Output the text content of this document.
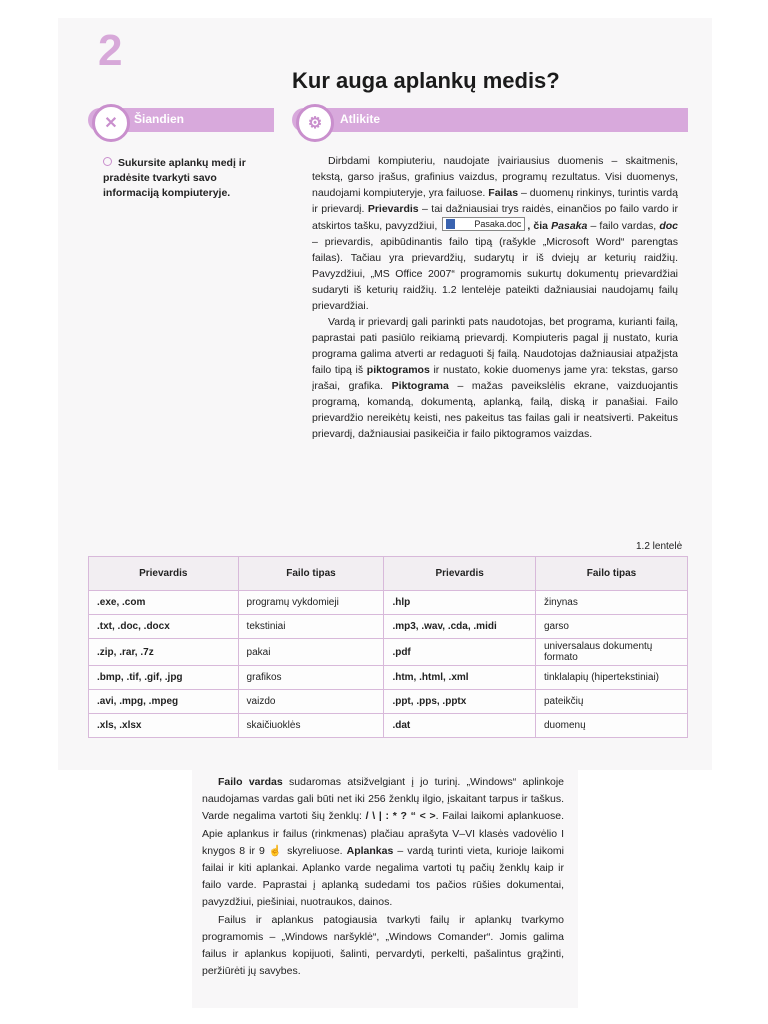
2
Kur auga aplankų medis?
✕	⚙
Šiandien	Atlikite
Sukursite aplankų medį ir pradėsite tvarkyti savo informaciją kompiuteryje.

Dirbdami kompiuteriu, naudojate įvairiausius duomenis – skaitmenis, tekstą, garso įrašus, grafinius vaizdus, programų rezultatus. Visi duomenys, naudojami kompiuteryje, yra failuose. Failas – duomenų rinkinys, turintis vardą ir prievardį. Prievardis – tai dažniausiai trys raidės, einančios po failo vardo ir atskirtos tašku, pavyzdžiui,	Pasaka.doc , čia Pasaka – failo vardas, doc – prievardis, apibūdinantis failo tipą (rašykle „Microsoft Word“ parengtas failas). Tačiau yra prievardžių, sudarytų ir iš dviejų ar keturių raidžių. Pavyzdžiui, „MS Office 2007“ programomis sukurtų dokumentų prievardžiai sudaryti iš keturių raidžių. 1.2 lentelėje pateikti dažniausiai naudojamų failų prievardžiai.

Vardą ir prievardį gali parinkti pats naudotojas, bet programa, kurianti failą, paprastai pati pasiūlo reikiamą prievardį. Kompiuteris pagal jį nustato, kuria programa galima atverti ar redaguoti šį failą. Naudotojas dažniausiai atpažįsta failo tipą iš piktogramos ir nustato, kokie duomenys jame yra: tekstas, garso įrašai, grafika. Piktograma – mažas paveikslėlis ekrane, vaizduojantis programą, komandą, dokumentą, aplanką, failą, diską ir panašiai. Failo prievardžio nereikėtų keisti, nes pakeitus tas failas gali ir neatsiverti. Pakeitus prievardį, dažniausiai pasikeičia ir failo piktogramos vaizdas.

1.2 lentelė
Prievardis	Failo tipas	Prievardis	Failo tipas
.exe, .com	programų vykdomieji	.hlp	žinynas
.txt, .doc, .docx	tekstiniai	.mp3, .wav, .cda, .midi	garso
.zip, .rar, .7z	pakai	.pdf	universalaus dokumentų formato
.bmp, .tif, .gif, .jpg	grafikos	.htm, .html, .xml	tinklalapių (hipertekstiniai)
.avi, .mpg, .mpeg	vaizdo	.ppt, .pps, .pptx	pateikčių
.xls, .xlsx	skaičiuoklės	.dat	duomenų

Failo vardas sudaromas atsižvelgiant į jo turinį. „Windows“ aplinkoje naudojamas vardas gali būti net iki 256 ženklų ilgio, įskaitant tarpus ir taškus. Varde negalima vartoti šių ženklų: / \ | : * ? “ < >. Failai laikomi aplankuose. Apie aplankus ir failus (rinkmenas) plačiau aprašyta V–VI klasės vadovėlio I knygos 8 ir 9 ☝ skyreliuose. Aplankas – vardą turinti vieta, kurioje laikomi failai ir kiti aplankai. Aplanko varde negalima vartoti tų pačių ženklų kaip ir failo varde. Paprastai į aplanką sudedami tos pačios rūšies dokumentai, pavyzdžiui, piešiniai, nuotraukos, dainos.

Failus ir aplankus patogiausia tvarkyti failų ir aplankų tvarkymo programomis – „Windows naršyklė“, „Windows Comander“. Jomis galima failus ir aplankus kopijuoti, šalinti, pervardyti, perkelti, pašalintus grąžinti, peržiūrėti jų savybes.
